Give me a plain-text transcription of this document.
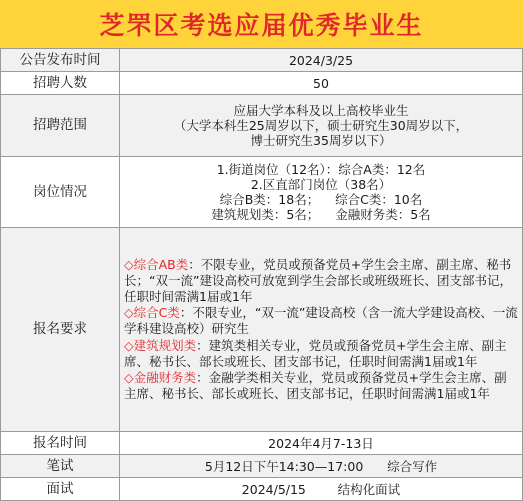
芝罘区考选应届优秀毕业生
公告发布时间	2024/3/25
招聘人数	50
招聘范围	应届大学本科及以上高校毕业生
（大学本科生25周岁以下，硕士研究生30周岁以下，
博士研究生35周岁以下）

岗位情况	1.街道岗位（12名）：综合A类：12名
2.区直部门岗位（38名）
综合B类：18名；    综合C类：10名
建筑规划类：5名；    金融财务类：5名

报名要求	◇综合AB类：不限专业，党员或预备党员+学生会主席、副主席、秘书长；“双一流”建设高校可放宽到学生会部长或班级班长、团支部书记，任职时间需满1届或1年

◇综合C类：不限专业，“双一流”建设高校（含一流大学建设高校、一流学科建设高校）研究生

◇建筑规划类：建筑类相关专业，党员或预备党员+学生会主席、副主席、秘书长、部长或班长、团支部书记，任职时间需满1届或1年

◇金融财务类：金融学类相关专业，党员或预备党员+学生会主席、副主席、秘书长、部长或班长、团支部书记，任职时间需满1届或1年

报名时间	2024年4月7-13日
笔试	5月12日下午14:30—17:00      综合写作
面试	2024/5/15        结构化面试
